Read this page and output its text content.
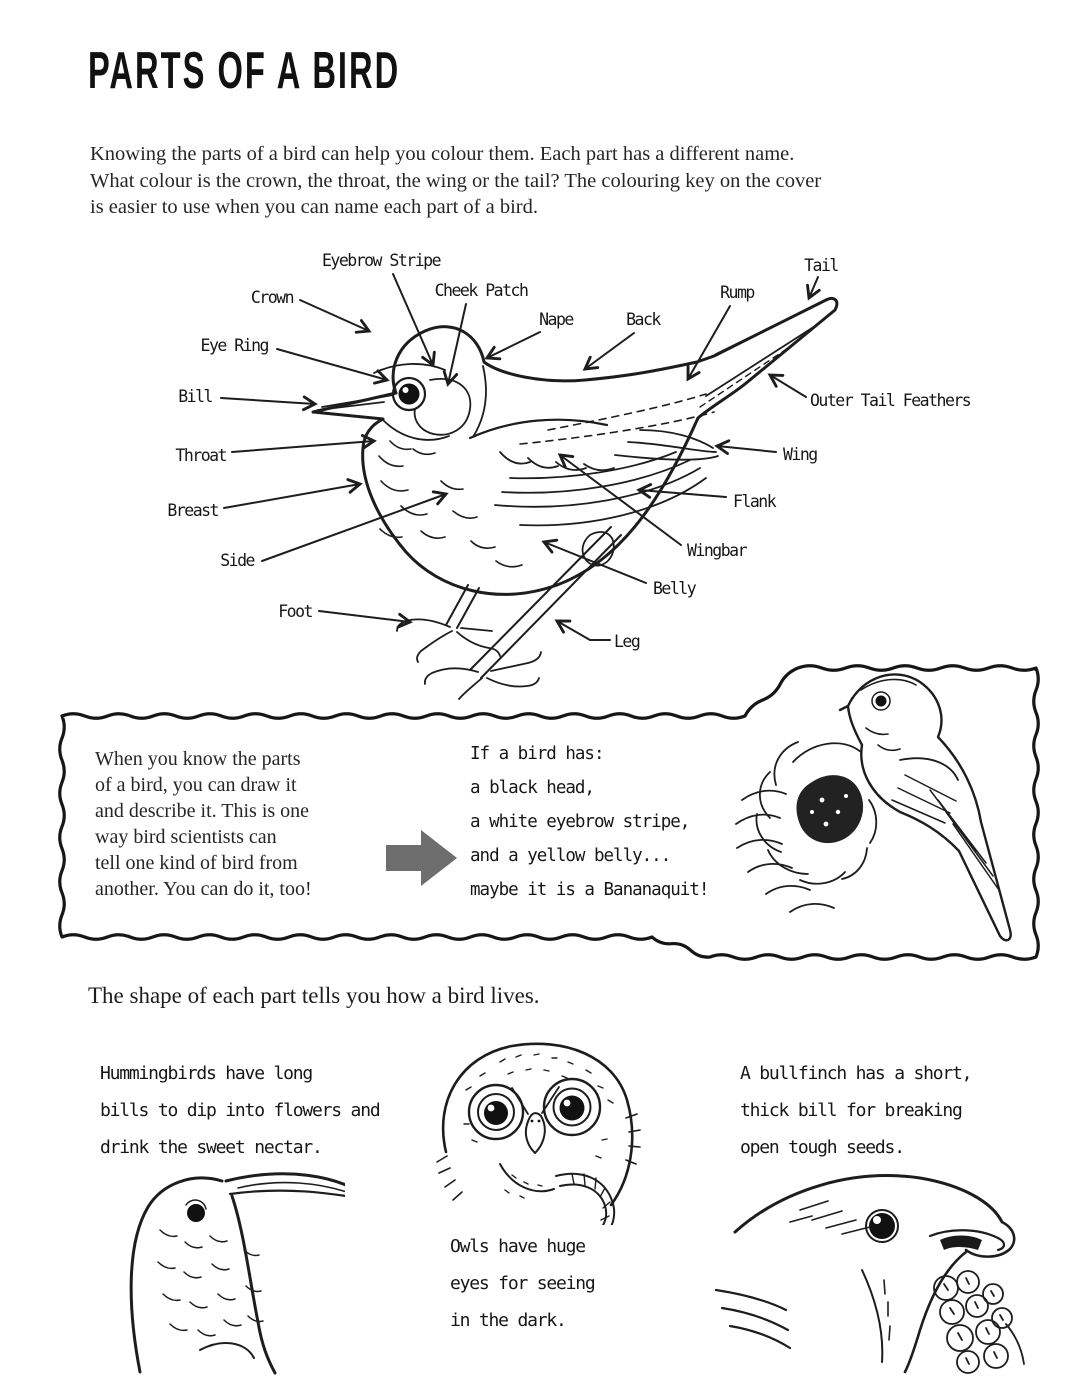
PARTS OF A BIRD
Knowing the parts of a bird can help you colour them. Each part has a different name.
What colour is the crown, the throat, the wing or the tail? The colouring key on the cover
is easier to use when you can name each part of a bird.
Eyebrow Stripe
Crown	Cheek Patch
Eye Ring
Bill
Nape	Back
Rump
Tail
Outer Tail Feathers
Wing
Flank
Wingbar
Belly
Leg
Throat
Breast
Side
Foot
When you know the parts
of a bird, you can draw it
and describe it. This is one
way bird scientists can
tell one kind of bird from
another. You can do it, too!
If a bird has:
a black head,
a white eyebrow stripe,
and a yellow belly...
maybe it is a Bananaquit!
The shape of each part tells you how a bird lives.
Hummingbirds have long
bills to dip into flowers and
drink the sweet nectar.
Owls have huge
eyes for seeing
in the dark.
A bullfinch has a short,
thick bill for breaking
open tough seeds.
